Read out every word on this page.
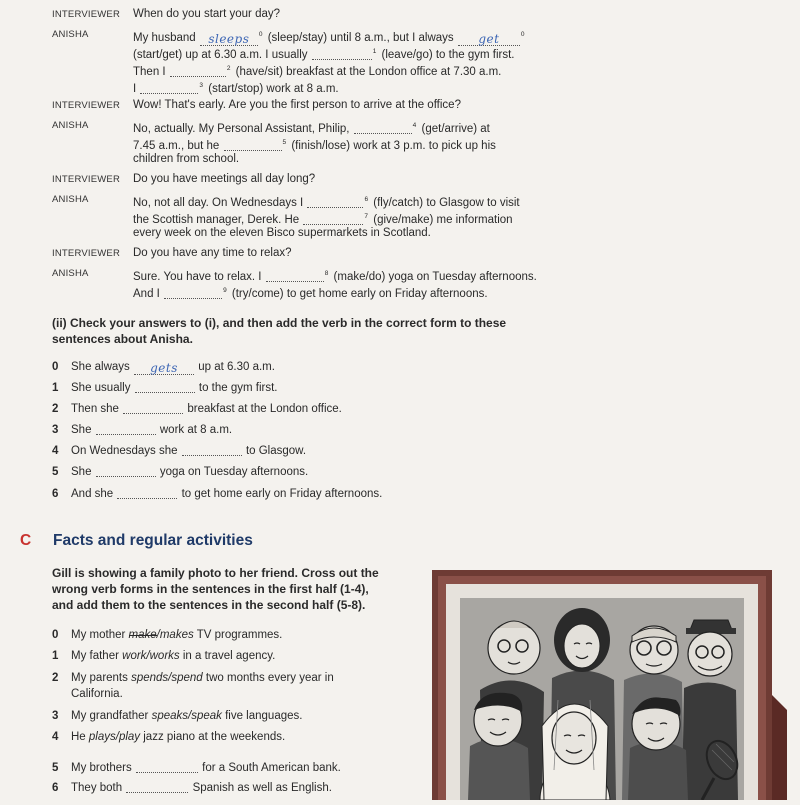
INTERVIEWER When do you start your day?
ANISHA	My husband sleeps $^0$ (sleep/stay) until 8 a.m., but I always get	$^0$
(start/get) up at 6.30 a.m. I usually	$^1$ (leave/go) to the gym first.
Then I	$^2$ (have/sit) breakfast at the London office at 7.30 a.m.
I	$^3$ (start/stop) work at 8 a.m.
INTERVIEWER Wow! That's early. Are you the first person to arrive at the office?
ANISHA	No, actually. My Personal Assistant, Philip,	$^4$ (get/arrive) at
7.45 a.m., but he	$^5$ (finish/lose) work at 3 p.m. to pick up his
children from school.
INTERVIEWER Do you have meetings all day long?
ANISHA	No, not all day. On Wednesdays I	$^6$ (fly/catch) to Glasgow to visit
the Scottish manager, Derek. He	$^7$ (give/make) me information
every week on the eleven Bisco supermarkets in Scotland.
INTERVIEWER Do you have any time to relax?
ANISHA	Sure. You have to relax. I	$^8$ (make/do) yoga on Tuesday afternoons.
And I	$^9$ (try/come) to get home early on Friday afternoons.
(ii) Check your answers to (i), and then add the verb in the correct form to these
sentences about Anisha.
0 She always gets up at 6.30 a.m.
1 She usually	to the gym first.
2 Then she	breakfast at the London office.
3 She	work at 8 a.m.
4 On Wednesdays she	to Glasgow.
5 She	yoga on Tuesday afternoons.
6 And she	to get home early on Friday afternoons.
C Facts and regular activities
Gill is showing a family photo to her friend. Cross out the
wrong verb forms in the sentences in the first half (1-4),
and add them to the sentences in the second half (5-8).
0 My mother make/makes TV programmes.
1 My father work/works in a travel agency.
2 My parents spends/spend two months every year in
California.
3 My grandfather speaks/speak five languages.
4 He plays/play jazz piano at the weekends.
5 My brothers	for a South American bank.
6 They both	Spanish as well as English.
